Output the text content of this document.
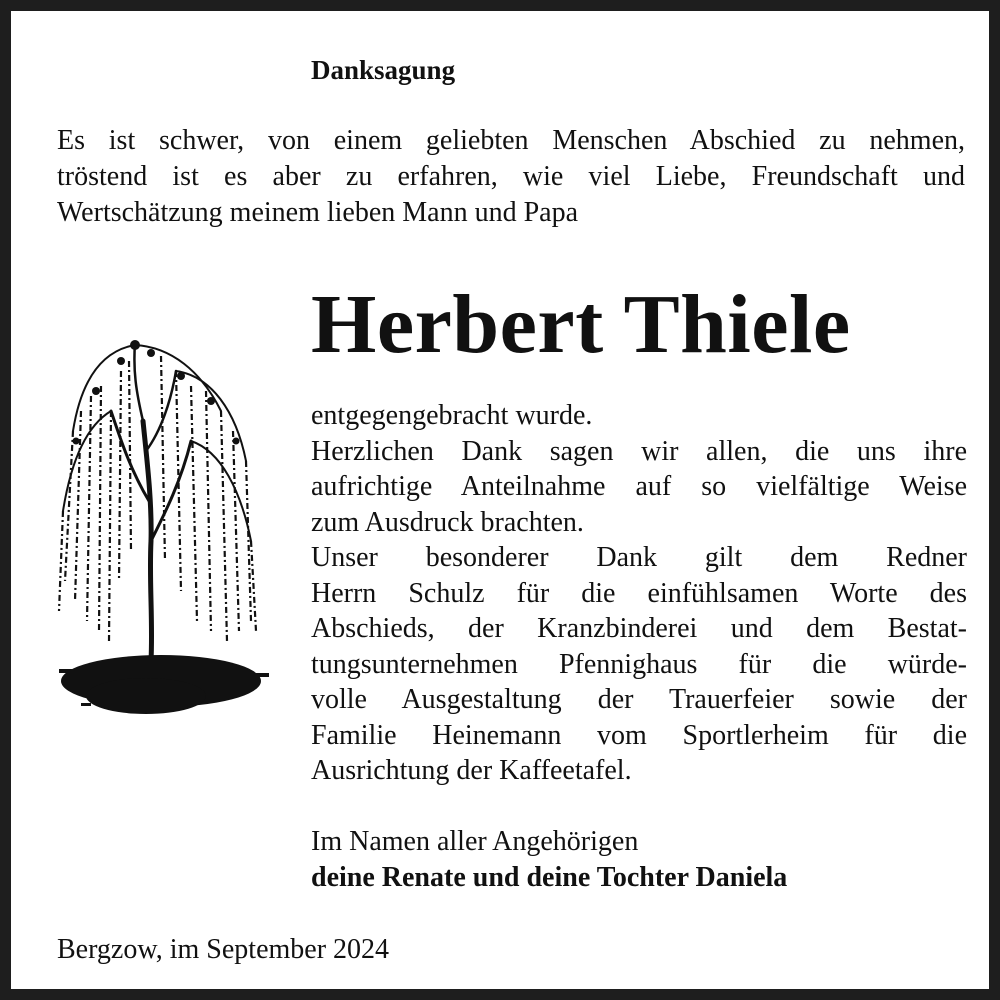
Danksagung
Es ist schwer, von einem geliebten Menschen Abschied zu nehmen,
tröstend ist es aber zu erfahren, wie viel Liebe, Freundschaft und
Wertschätzung meinem lieben Mann und Papa
Herbert Thiele
entgegengebracht wurde.
Herzlichen Dank sagen wir allen, die uns ihre
aufrichtige Anteilnahme auf so vielfältige Weise
zum Ausdruck brachten.
Unser besonderer Dank gilt dem Redner
Herrn Schulz für die einfühlsamen Worte des
Abschieds, der Kranzbinderei und dem Bestat-
tungsunternehmen Pfennighaus für die würde-
volle Ausgestaltung der Trauerfeier sowie der
Familie Heinemann vom Sportlerheim für die
Ausrichtung der Kaffeetafel.
Im Namen aller Angehörigen
deine Renate und deine Tochter Daniela
Bergzow, im September 2024
